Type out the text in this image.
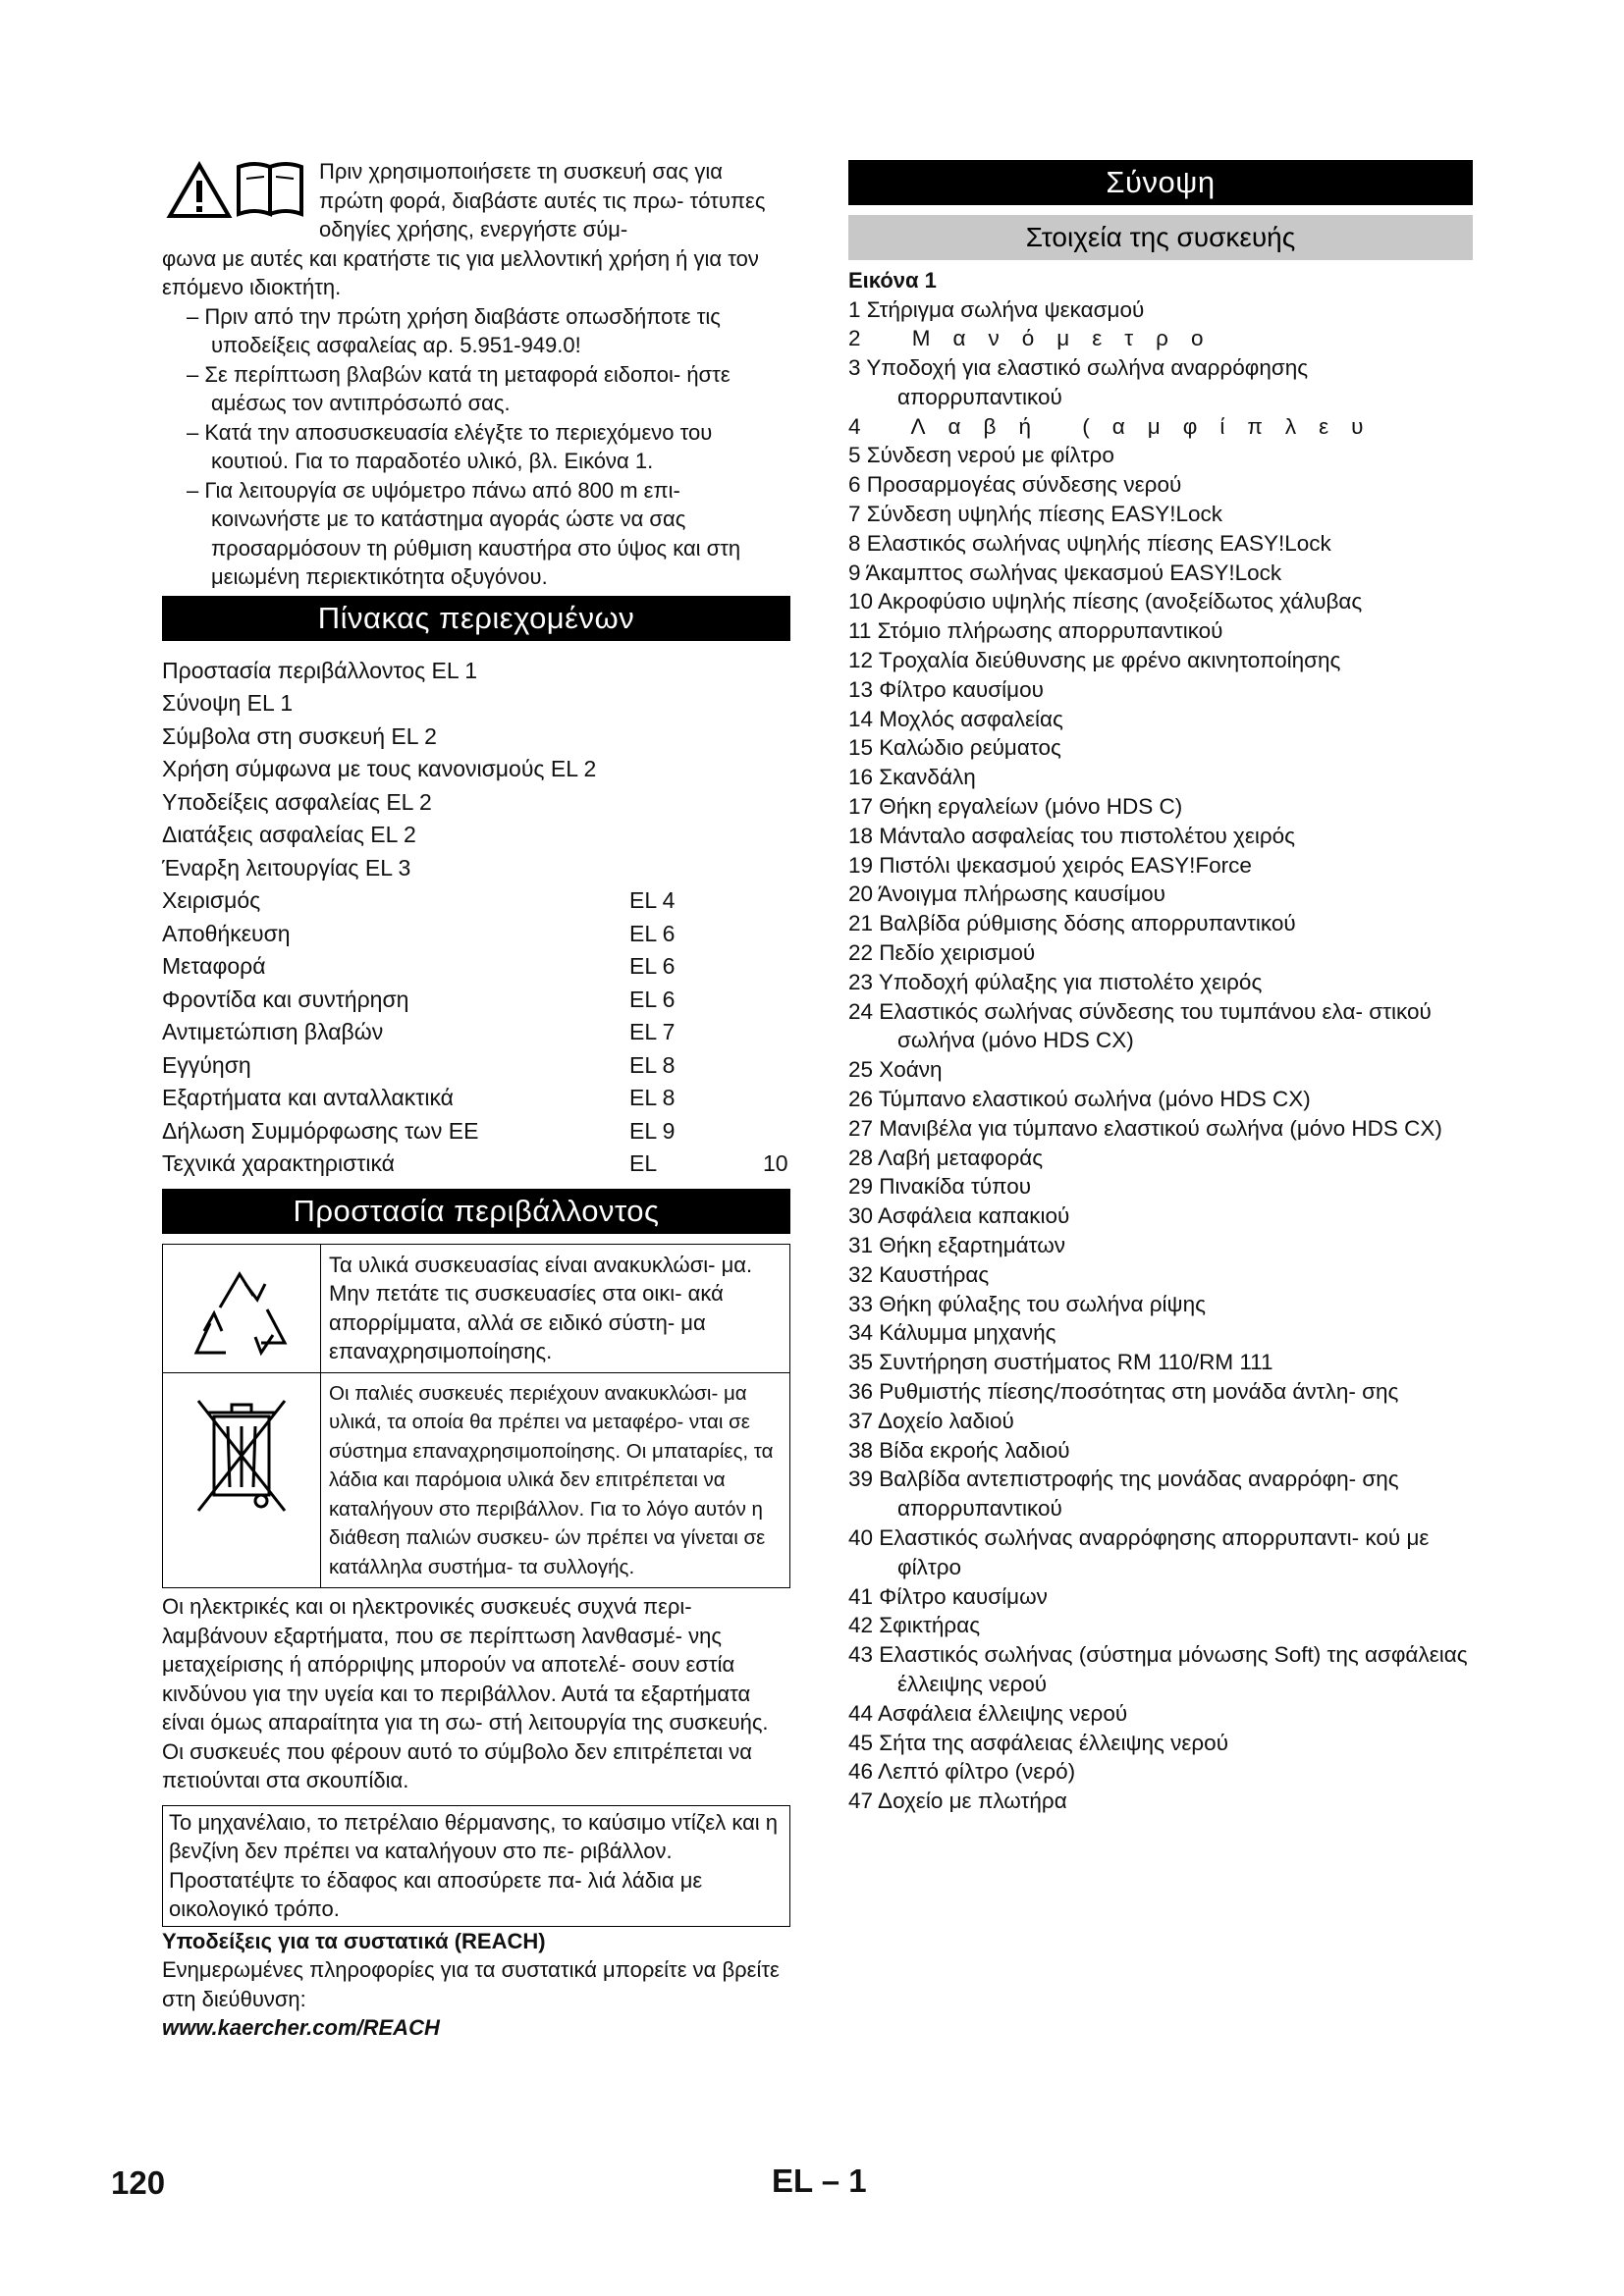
Πριν χρησιμοποιήσετε τη συσκευή σας για πρώτη φορά, διαβάστε αυτές τις πρω- τότυπες οδηγίες χρήσης, ενεργήστε σύμ-

φωνα με αυτές και κρατήστε τις για μελλοντική χρήση ή για τον επόμενο ιδιοκτήτη.

– Πριν από την πρώτη χρήση διαβάστε οπωσδήποτε τις υποδείξεις ασφαλείας αρ. 5.951-949.0!
– Σε περίπτωση βλαβών κατά τη μεταφορά ειδοποι- ήστε αμέσως τον αντιπρόσωπό σας.
– Κατά την αποσυσκευασία ελέγξτε το περιεχόμενο του κουτιού. Για το παραδοτέο υλικό, βλ. Εικόνα 1.
– Για λειτουργία σε υψόμετρο πάνω από 800 m επι- κοινωνήστε με το κατάστημα αγοράς ώστε να σας προσαρμόσουν τη ρύθμιση καυστήρα στο ύψος και στη μειωμένη περιεκτικότητα οξυγόνου.
Πίνακας περιεχομένων
Προστασία περιβάλλοντος EL 1
Σύνοψη EL 1
Σύμβολα στη συσκευή EL 2
Χρήση σύμφωνα με τους κανονισμούς EL 2
Υποδείξεις ασφαλείας EL 2
Διατάξεις ασφαλείας EL 2
Έναρξη λειτουργίας EL 3
Χειρισμός	EL 4
Αποθήκευση	EL 6
Μεταφορά	EL 6
Φροντίδα και συντήρηση	EL 6
Αντιμετώπιση βλαβών	EL 7
Εγγύηση	EL 8
Εξαρτήματα και ανταλλακτικά	EL 8
Δήλωση Συμμόρφωσης των ΕΕ	EL 9
Τεχνικά χαρακτηριστικά	EL	10
Προστασία περιβάλλοντος
Τα υλικά συσκευασίας είναι ανακυκλώσι- μα. Μην πετάτε τις συσκευασίες στα οικι- ακά απορρίμματα, αλλά σε ειδικό σύστη- μα επαναχρησιμοποίησης.
Οι παλιές συσκευές περιέχουν ανακυκλώσι- μα υλικά, τα οποία θα πρέπει να μεταφέρο- νται σε σύστημα επαναχρησιμοποίησης. Οι μπαταρίες, τα λάδια και παρόμοια υλικά δεν επιτρέπεται να καταλήγουν στο περιβάλλον. Για το λόγο αυτόν η διάθεση παλιών συσκευ- ών πρέπει να γίνεται σε κατάλληλα συστήμα- τα συλλογής.

Οι ηλεκτρικές και οι ηλεκτρονικές συσκευές συχνά περι- λαμβάνουν εξαρτήματα, που σε περίπτωση λανθασμέ- νης μεταχείρισης ή απόρριψης μπορούν να αποτελέ- σουν εστία κινδύνου για την υγεία και το περιβάλλον. Αυτά τα εξαρτήματα είναι όμως απαραίτητα για τη σω- στή λειτουργία της συσκευής. Οι συσκευές που φέρουν αυτό το σύμβολο δεν επιτρέπεται να πετιούνται στα σκουπίδια.

Το μηχανέλαιο, το πετρέλαιο θέρμανσης, το καύσιμο ντίζελ και η βενζίνη δεν πρέπει να καταλήγουν στο πε- ριβάλλον. Προστατέψτε το έδαφος και αποσύρετε πα- λιά λάδια με οικολογικό τρόπο.

Υποδείξεις για τα συστατικά (REACH)

Ενημερωμένες πληροφορίες για τα συστατικά μπορείτε να βρείτε στη διεύθυνση:

www.kaercher.com/REACH

Σύνοψη
Στοιχεία της συσκευής

Εικόνα 1

1 Στήριγμα σωλήνα ψεκασμού
2 Μανόμετρο
3 Υποδοχή για ελαστικό σωλήνα αναρρόφησης απορρυπαντικού
4 Λαβή (αμφίπλευ
5 Σύνδεση νερού με φίλτρο
6 Προσαρμογέας σύνδεσης νερού
7 Σύνδεση υψηλής πίεσης EASY!Lock
8 Ελαστικός σωλήνας υψηλής πίεσης EASY!Lock
9 Άκαμπτος σωλήνας ψεκασμού EASY!Lock
10 Ακροφύσιο υψηλής πίεσης (ανοξείδωτος χάλυβας
11 Στόμιο πλήρωσης απορρυπαντικού
12 Τροχαλία διεύθυνσης με φρένο ακινητοποίησης
13 Φίλτρο καυσίμου
14 Μοχλός ασφαλείας
15 Καλώδιο ρεύματος
16 Σκανδάλη
17 Θήκη εργαλείων (μόνο HDS C)
18 Μάνταλο ασφαλείας του πιστολέτου χειρός
19 Πιστόλι ψεκασμού χειρός EASY!Force
20 Άνοιγμα πλήρωσης καυσίμου
21 Βαλβίδα ρύθμισης δόσης απορρυπαντικού
22 Πεδίο χειρισμού
23 Υποδοχή φύλαξης για πιστολέτο χειρός
24 Ελαστικός σωλήνας σύνδεσης του τυμπάνου ελα- στικού σωλήνα (μόνο HDS CX)
25 Χοάνη
26 Τύμπανο ελαστικού σωλήνα (μόνο HDS CX)
27 Μανιβέλα για τύμπανο ελαστικού σωλήνα (μόνο HDS CX)
28 Λαβή μεταφοράς
29 Πινακίδα τύπου
30 Ασφάλεια καπακιού
31 Θήκη εξαρτημάτων
32 Καυστήρας
33 Θήκη φύλαξης του σωλήνα ρίψης
34 Κάλυμμα μηχανής
35 Συντήρηση συστήματος RM 110/RM 111
36 Ρυθμιστής πίεσης/ποσότητας στη μονάδα άντλη- σης
37 Δοχείο λαδιού
38 Βίδα εκροής λαδιού
39 Βαλβίδα αντεπιστροφής της μονάδας αναρρόφη- σης απορρυπαντικού
40 Ελαστικός σωλήνας αναρρόφησης απορρυπαντι- κού με φίλτρο
41 Φίλτρο καυσίμων
42 Σφικτήρας
43 Ελαστικός σωλήνας (σύστημα μόνωσης Soft) της ασφάλειας έλλειψης νερού
44 Ασφάλεια έλλειψης νερού
45 Σήτα της ασφάλειας έλλειψης νερού
46 Λεπτό φίλτρο (νερό)
47 Δοχείο με πλωτήρα
120	EL – 1
